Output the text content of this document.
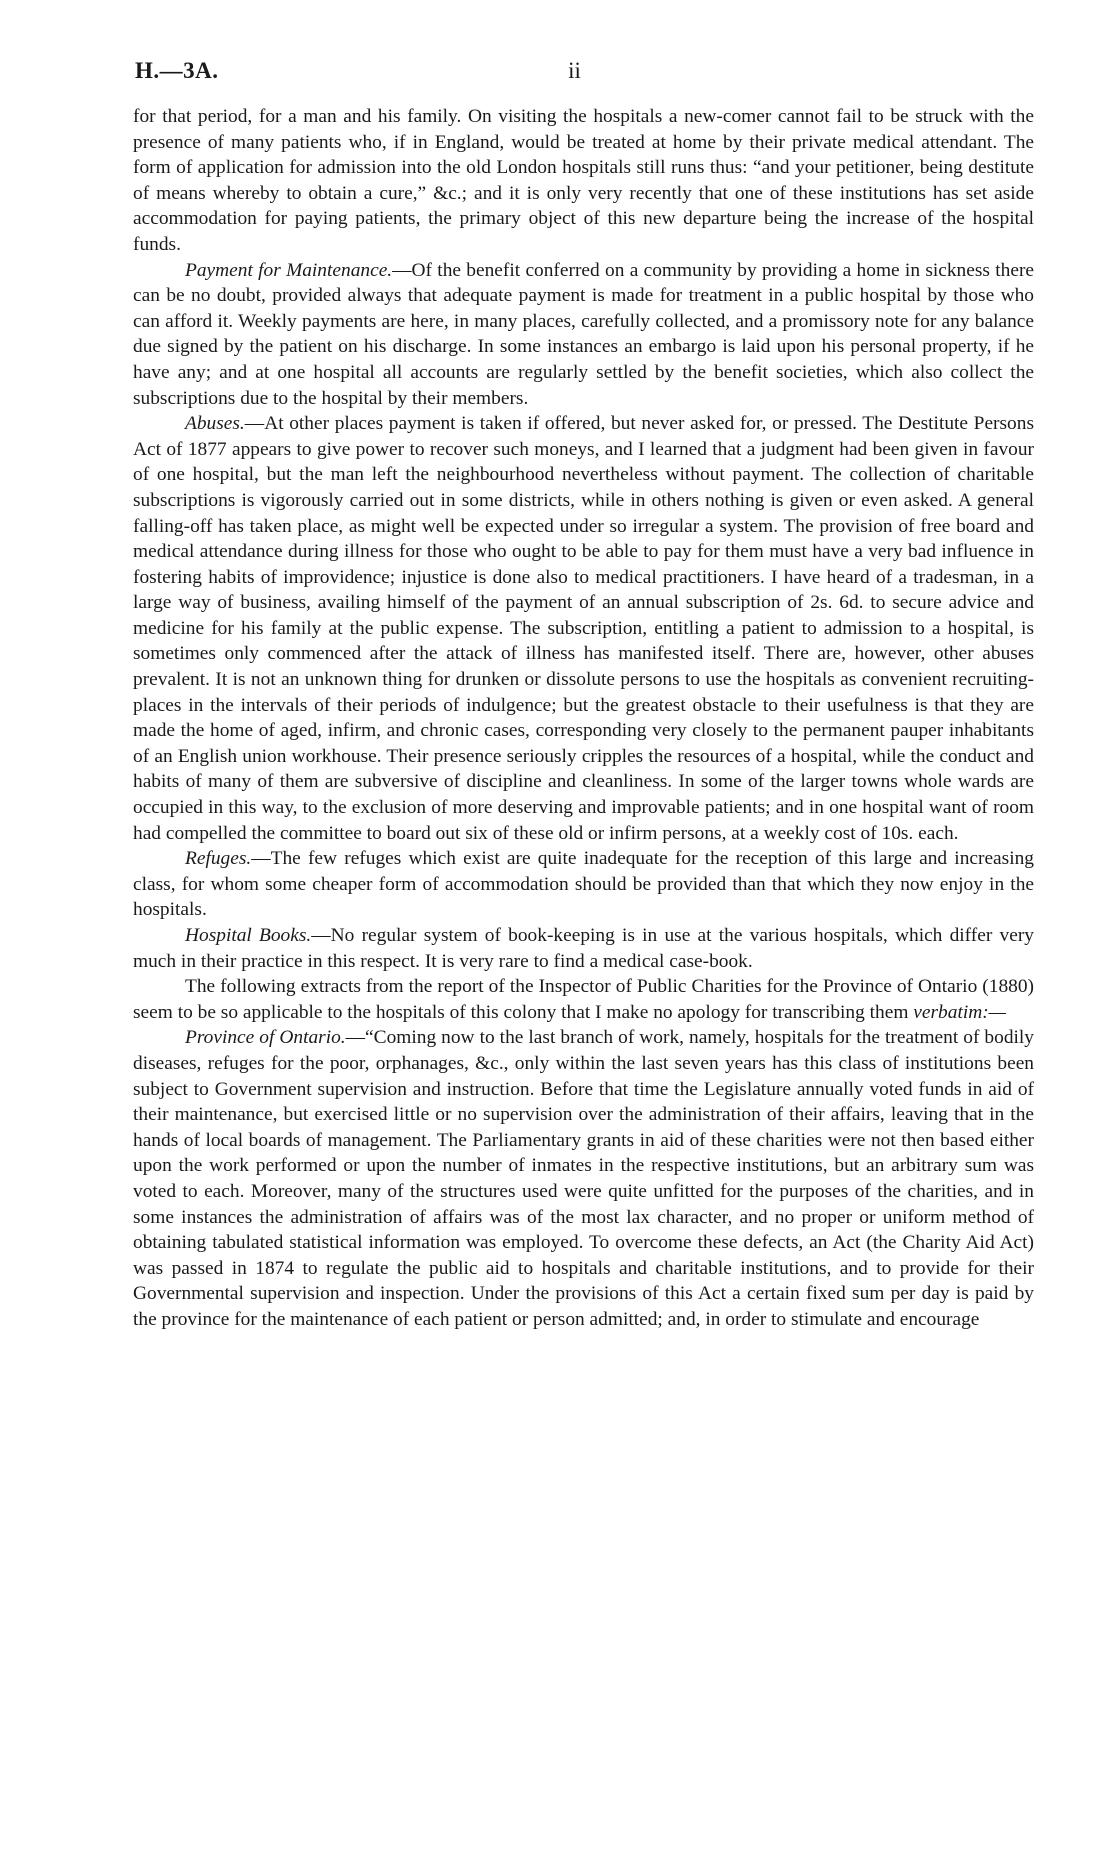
H.—3A.	ii

for that period, for a man and his family. On visiting the hospitals a new-comer cannot fail to be struck with the presence of many patients who, if in England, would be treated at home by their private medical attendant. The form of application for admission into the old London hospitals still runs thus: “and your petitioner, being destitute of means whereby to obtain a cure,” &c.; and it is only very recently that one of these institutions has set aside accommodation for paying patients, the primary object of this new departure being the increase of the hospital funds.

Payment for Maintenance.—Of the benefit conferred on a community by providing a home in sickness there can be no doubt, provided always that adequate payment is made for treatment in a public hospital by those who can afford it. Weekly payments are here, in many places, carefully collected, and a promissory note for any balance due signed by the patient on his discharge. In some instances an embargo is laid upon his personal property, if he have any; and at one hospital all accounts are regularly settled by the benefit societies, which also collect the subscriptions due to the hospital by their members.

Abuses.—At other places payment is taken if offered, but never asked for, or pressed. The Destitute Persons Act of 1877 appears to give power to recover such moneys, and I learned that a judgment had been given in favour of one hospital, but the man left the neighbourhood nevertheless without payment. The collection of charitable subscriptions is vigorously carried out in some districts, while in others nothing is given or even asked. A general falling-off has taken place, as might well be expected under so irregular a system. The provision of free board and medical attendance during illness for those who ought to be able to pay for them must have a very bad influence in fostering habits of improvidence; injustice is done also to medical practitioners. I have heard of a tradesman, in a large way of business, availing himself of the payment of an annual subscription of 2s. 6d. to secure advice and medicine for his family at the public expense. The subscription, entitling a patient to admission to a hospital, is sometimes only commenced after the attack of illness has manifested itself. There are, however, other abuses prevalent. It is not an unknown thing for drunken or dissolute persons to use the hospitals as convenient recruiting-places in the intervals of their periods of indulgence; but the greatest obstacle to their usefulness is that they are made the home of aged, infirm, and chronic cases, corresponding very closely to the permanent pauper inhabitants of an English union workhouse. Their presence seriously cripples the resources of a hospital, while the conduct and habits of many of them are subversive of discipline and cleanliness. In some of the larger towns whole wards are occupied in this way, to the exclusion of more deserving and improvable patients; and in one hospital want of room had compelled the committee to board out six of these old or infirm persons, at a weekly cost of 10s. each.

Refuges.—The few refuges which exist are quite inadequate for the reception of this large and increasing class, for whom some cheaper form of accommodation should be provided than that which they now enjoy in the hospitals.

Hospital Books.—No regular system of book-keeping is in use at the various hospitals, which differ very much in their practice in this respect. It is very rare to find a medical case-book.

The following extracts from the report of the Inspector of Public Charities for the Province of Ontario (1880) seem to be so applicable to the hospitals of this colony that I make no apology for transcribing them verbatim:—

Province of Ontario.—“Coming now to the last branch of work, namely, hospitals for the treatment of bodily diseases, refuges for the poor, orphanages, &c., only within the last seven years has this class of institutions been subject to Government supervision and instruction. Before that time the Legislature annually voted funds in aid of their maintenance, but exercised little or no supervision over the administration of their affairs, leaving that in the hands of local boards of management. The Parliamentary grants in aid of these charities were not then based either upon the work performed or upon the number of inmates in the respective institutions, but an arbitrary sum was voted to each. Moreover, many of the structures used were quite unfitted for the purposes of the charities, and in some instances the administration of affairs was of the most lax character, and no proper or uniform method of obtaining tabulated statistical information was employed. To overcome these defects, an Act (the Charity Aid Act) was passed in 1874 to regulate the public aid to hospitals and charitable institutions, and to provide for their Governmental supervision and inspection. Under the provisions of this Act a certain fixed sum per day is paid by the province for the maintenance of each patient or person admitted; and, in order to stimulate and encourage
